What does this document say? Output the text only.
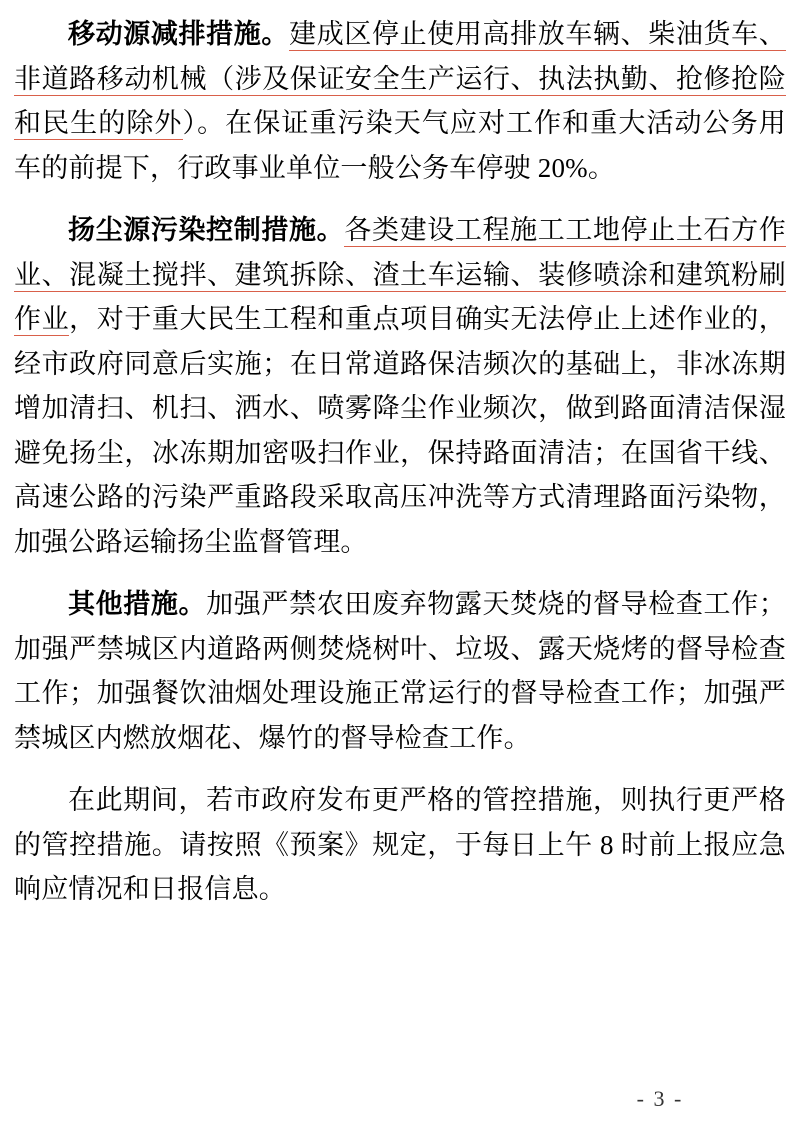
移动源减排措施。建成区停止使用高排放车辆、柴油货车、非道路移动机械（涉及保证安全生产运行、执法执勤、抢修抢险和民生的除外）。在保证重污染天气应对工作和重大活动公务用车的前提下，行政事业单位一般公务车停驶 20%。

扬尘源污染控制措施。各类建设工程施工工地停止土石方作业、混凝土搅拌、建筑拆除、渣土车运输、装修喷涂和建筑粉刷作业，对于重大民生工程和重点项目确实无法停止上述作业的，经市政府同意后实施；在日常道路保洁频次的基础上，非冰冻期增加清扫、机扫、洒水、喷雾降尘作业频次，做到路面清洁保湿避免扬尘，冰冻期加密吸扫作业，保持路面清洁；在国省干线、高速公路的污染严重路段采取高压冲洗等方式清理路面污染物，加强公路运输扬尘监督管理。

其他措施。加强严禁农田废弃物露天焚烧的督导检查工作；加强严禁城区内道路两侧焚烧树叶、垃圾、露天烧烤的督导检查工作；加强餐饮油烟处理设施正常运行的督导检查工作；加强严禁城区内燃放烟花、爆竹的督导检查工作。

在此期间，若市政府发布更严格的管控措施，则执行更严格的管控措施。请按照《预案》规定，于每日上午 8 时前上报应急响应情况和日报信息。

- 3 -
